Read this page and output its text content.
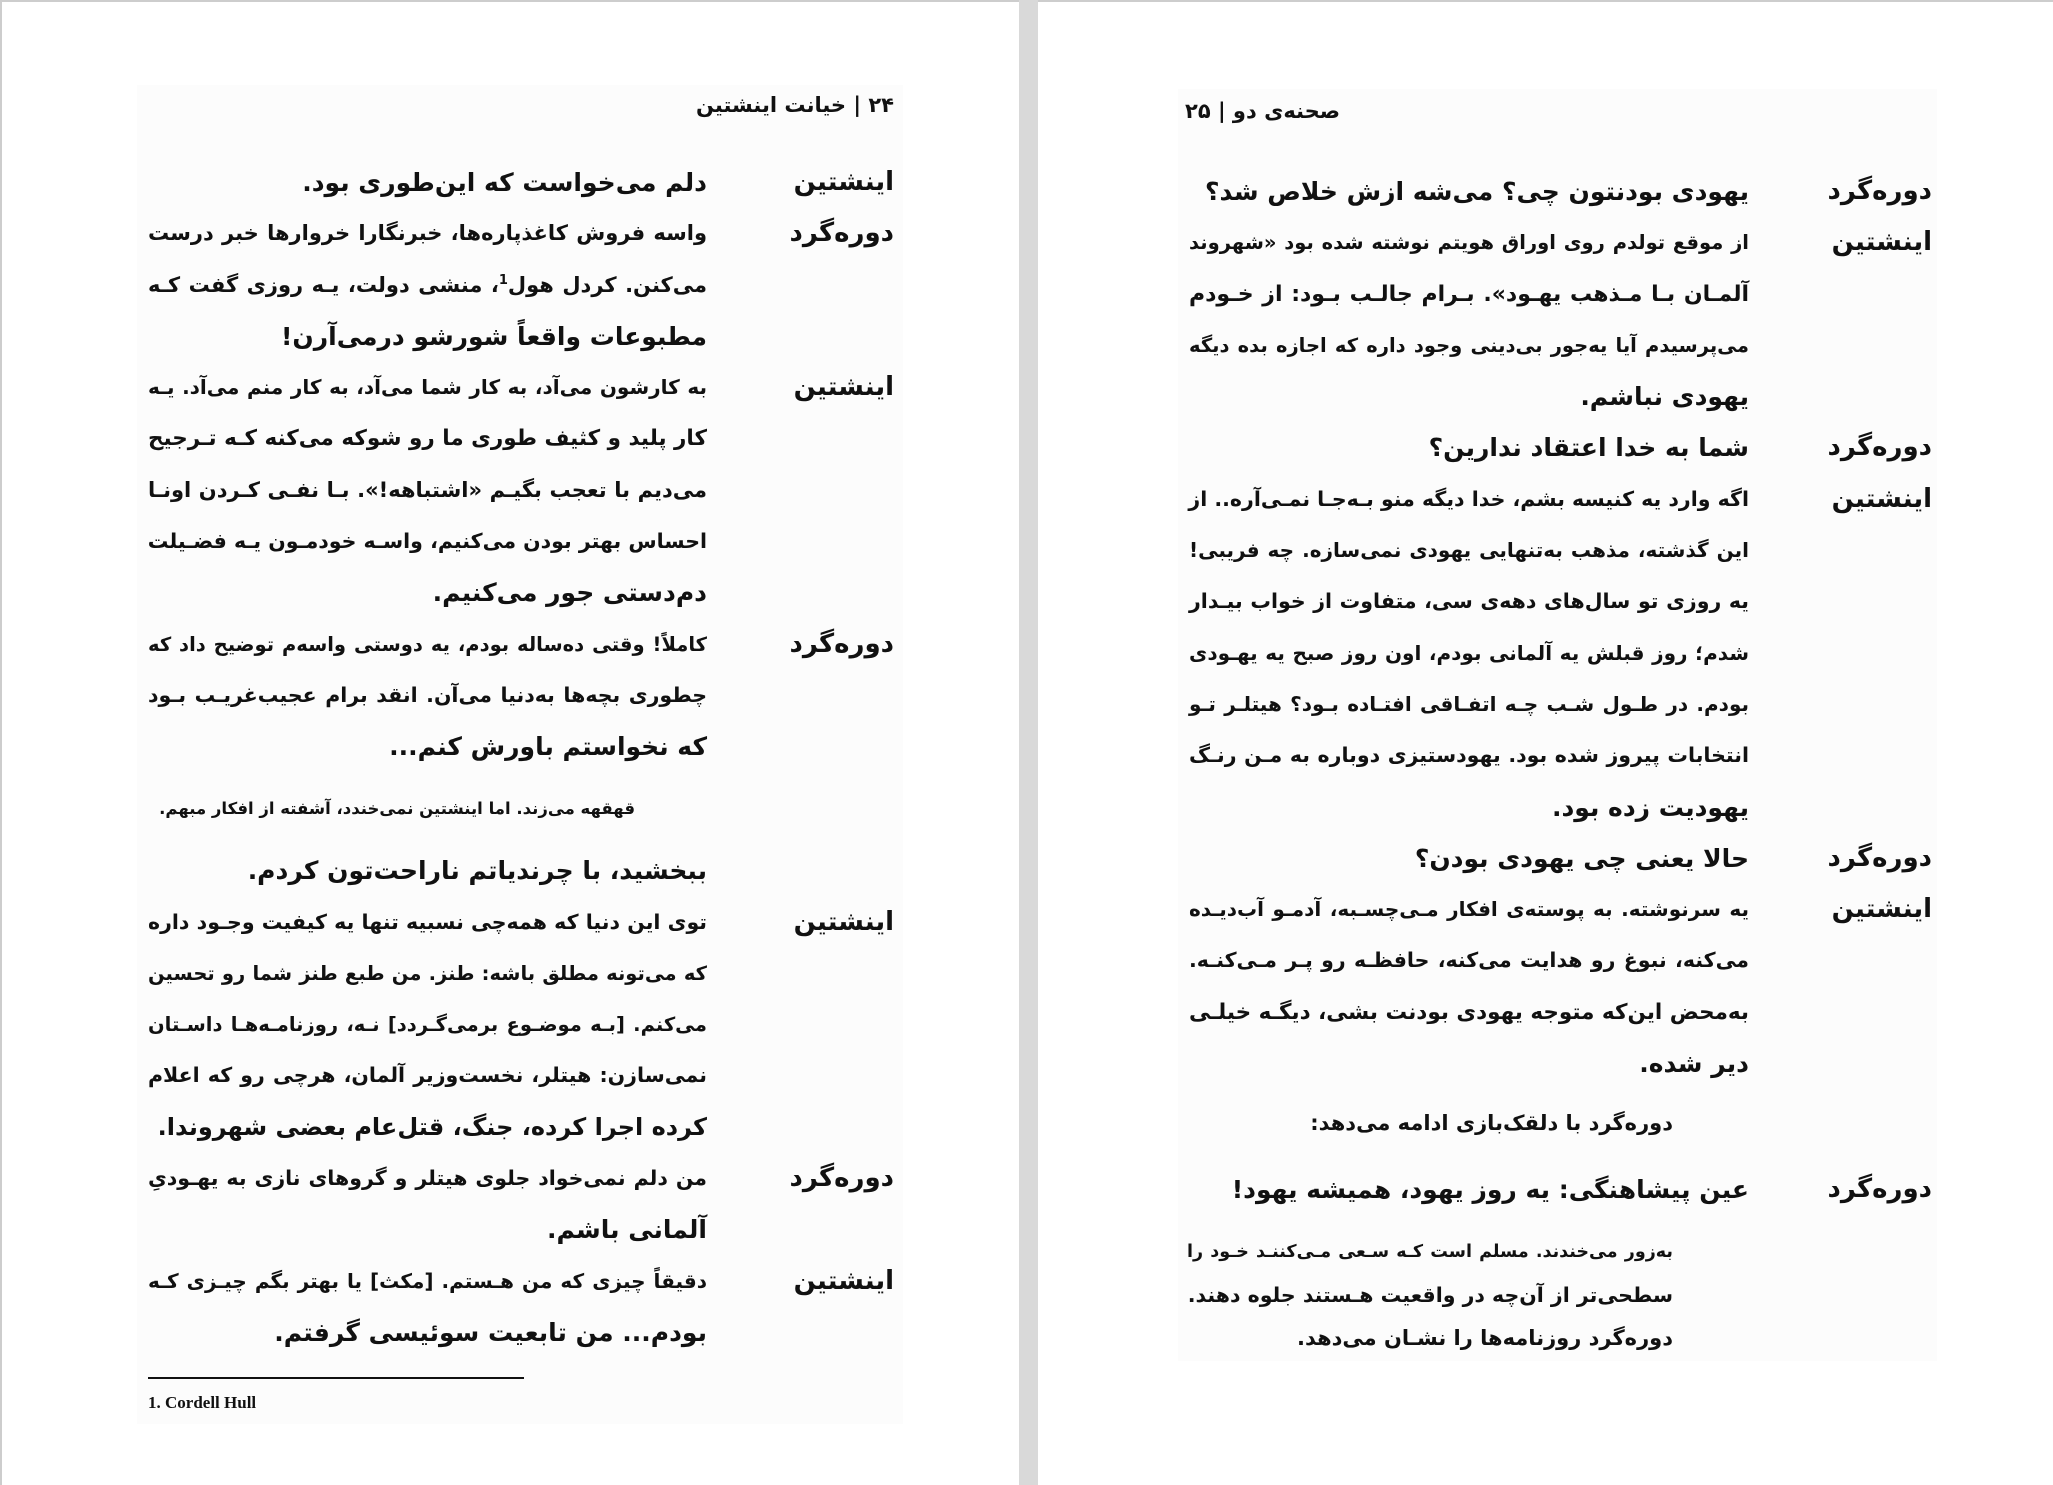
۲۴ | خیانت اینشتین
اینشتین
دلم می‌خواست که این‌طوری بود.
دوره‌گرد
واسه فروش کاغذپاره‌ها، خبرنگارا خروارها خبر درست
می‌کنن. کردل هول$^1$، منشی دولت، یـه روزی گفت کـه
مطبوعات واقعاً شورشو درمی‌آرن!
اینشتین
به کارشون می‌آد، به کار شما می‌آد، به کار منم می‌آد. یـه
کار پلید و کثیف طوری ما رو شوکه می‌کنه کـه تـرجیح
می‌دیم با تعجب بگیـم «اشتباهه!». بـا نفـی کـردن اونـا
احساس بهتر بودن می‌کنیم، واسـه خودمـون یـه فضـیلت
دم‌دستی جور می‌کنیم.
دوره‌گرد
کاملاً! وقتی ده‌ساله بودم، یه دوستی واسه‌م توضیح داد که
چطوری بچه‌ها به‌دنیا می‌آن. انقد برام عجیب‌غریـب بـود
که نخواستم باورش کنم...
قهقهه می‌زند. اما اینشتین نمی‌خندد، آشفته از افکار مبهم.
ببخشید، با چرندیاتم ناراحت‌تون کردم.
اینشتین
توی این دنیا که همه‌چی نسبیه تنها یه کیفیت وجـود داره
که می‌تونه مطلق باشه: طنز. من طبع طنز شما رو تحسین
می‌کنم. [بـه موضـوع برمی‌گـردد] نـه، روزنامـه‌هـا داسـتان
نمی‌سازن: هیتلر، نخست‌وزیر آلمان، هرچی رو که اعلام
کرده اجرا کرده، جنگ، قتل‌عام بعضی شهروندا.
دوره‌گرد
من دلم نمی‌خواد جلوی هیتلر و گروهای نازی به یهـودیِ
آلمانی باشم.
اینشتین
دقیقاً چیزی که من هـستم. [مکث] یا بهتر بگم چیـزی کـه
بودم... من تابعیت سوئیسی گرفتم.
1. Cordell Hull
صحنه‌ی دو | ۲۵
دوره‌گرد
یهودی بودنتون چی؟ می‌شه ازش خلاص شد؟
اینشتین
از موقع تولدم روی اوراق هویتم نوشته شده بود «شهروند
آلمـان بـا مـذهب یهـود». بـرام جالـب بـود: از خـودم
می‌پرسیدم آیا یه‌جور بی‌دینی وجود داره که اجازه بده دیگه
یهودی نباشم.
دوره‌گرد
شما به خدا اعتقاد ندارین؟
اینشتین
اگه وارد یه کنیسه بشم، خدا دیگه منو بـه‌جـا نمـی‌آره.. از
این گذشته، مذهب به‌تنهایی یهودی نمی‌سازه. چه فریبی!
یه روزی تو سال‌های دهه‌ی سی، متفاوت از خواب بیـدار
شدم؛ روز قبلش یه آلمانی بودم، اون روز صبح یه یهـودی
بودم. در طـول شـب چـه اتفـاقی افتـاده بـود؟ هیتلـر تـو
انتخابات پیروز شده بود. یهودستیزی دوباره به مـن رنـگ
یهودیت زده بود.
دوره‌گرد
حالا یعنی چی یهودی بودن؟
اینشتین
یه سرنوشته. به پوسته‌ی افکار مـی‌چسـبه، آدمـو آب‌دیـده
می‌کنه، نبوغ رو هدایت می‌کنه، حافظـه رو پـر مـی‌کنـه.
به‌محض این‌که متوجه یهودی بودنت بشی، دیگـه خیلـی
دیر شده.
دوره‌گرد با دلقک‌بازی ادامه می‌دهد:
دوره‌گرد
عین پیشاهنگی: یه روز یهود، همیشه یهود!
به‌زور می‌خندند. مسلم است کـه سـعی مـی‌کننـد خـود را
سطحی‌تر از آن‌چه در واقعیت هـستند جلوه دهند.
دوره‌گرد روزنامه‌ها را نشـان می‌دهد.
